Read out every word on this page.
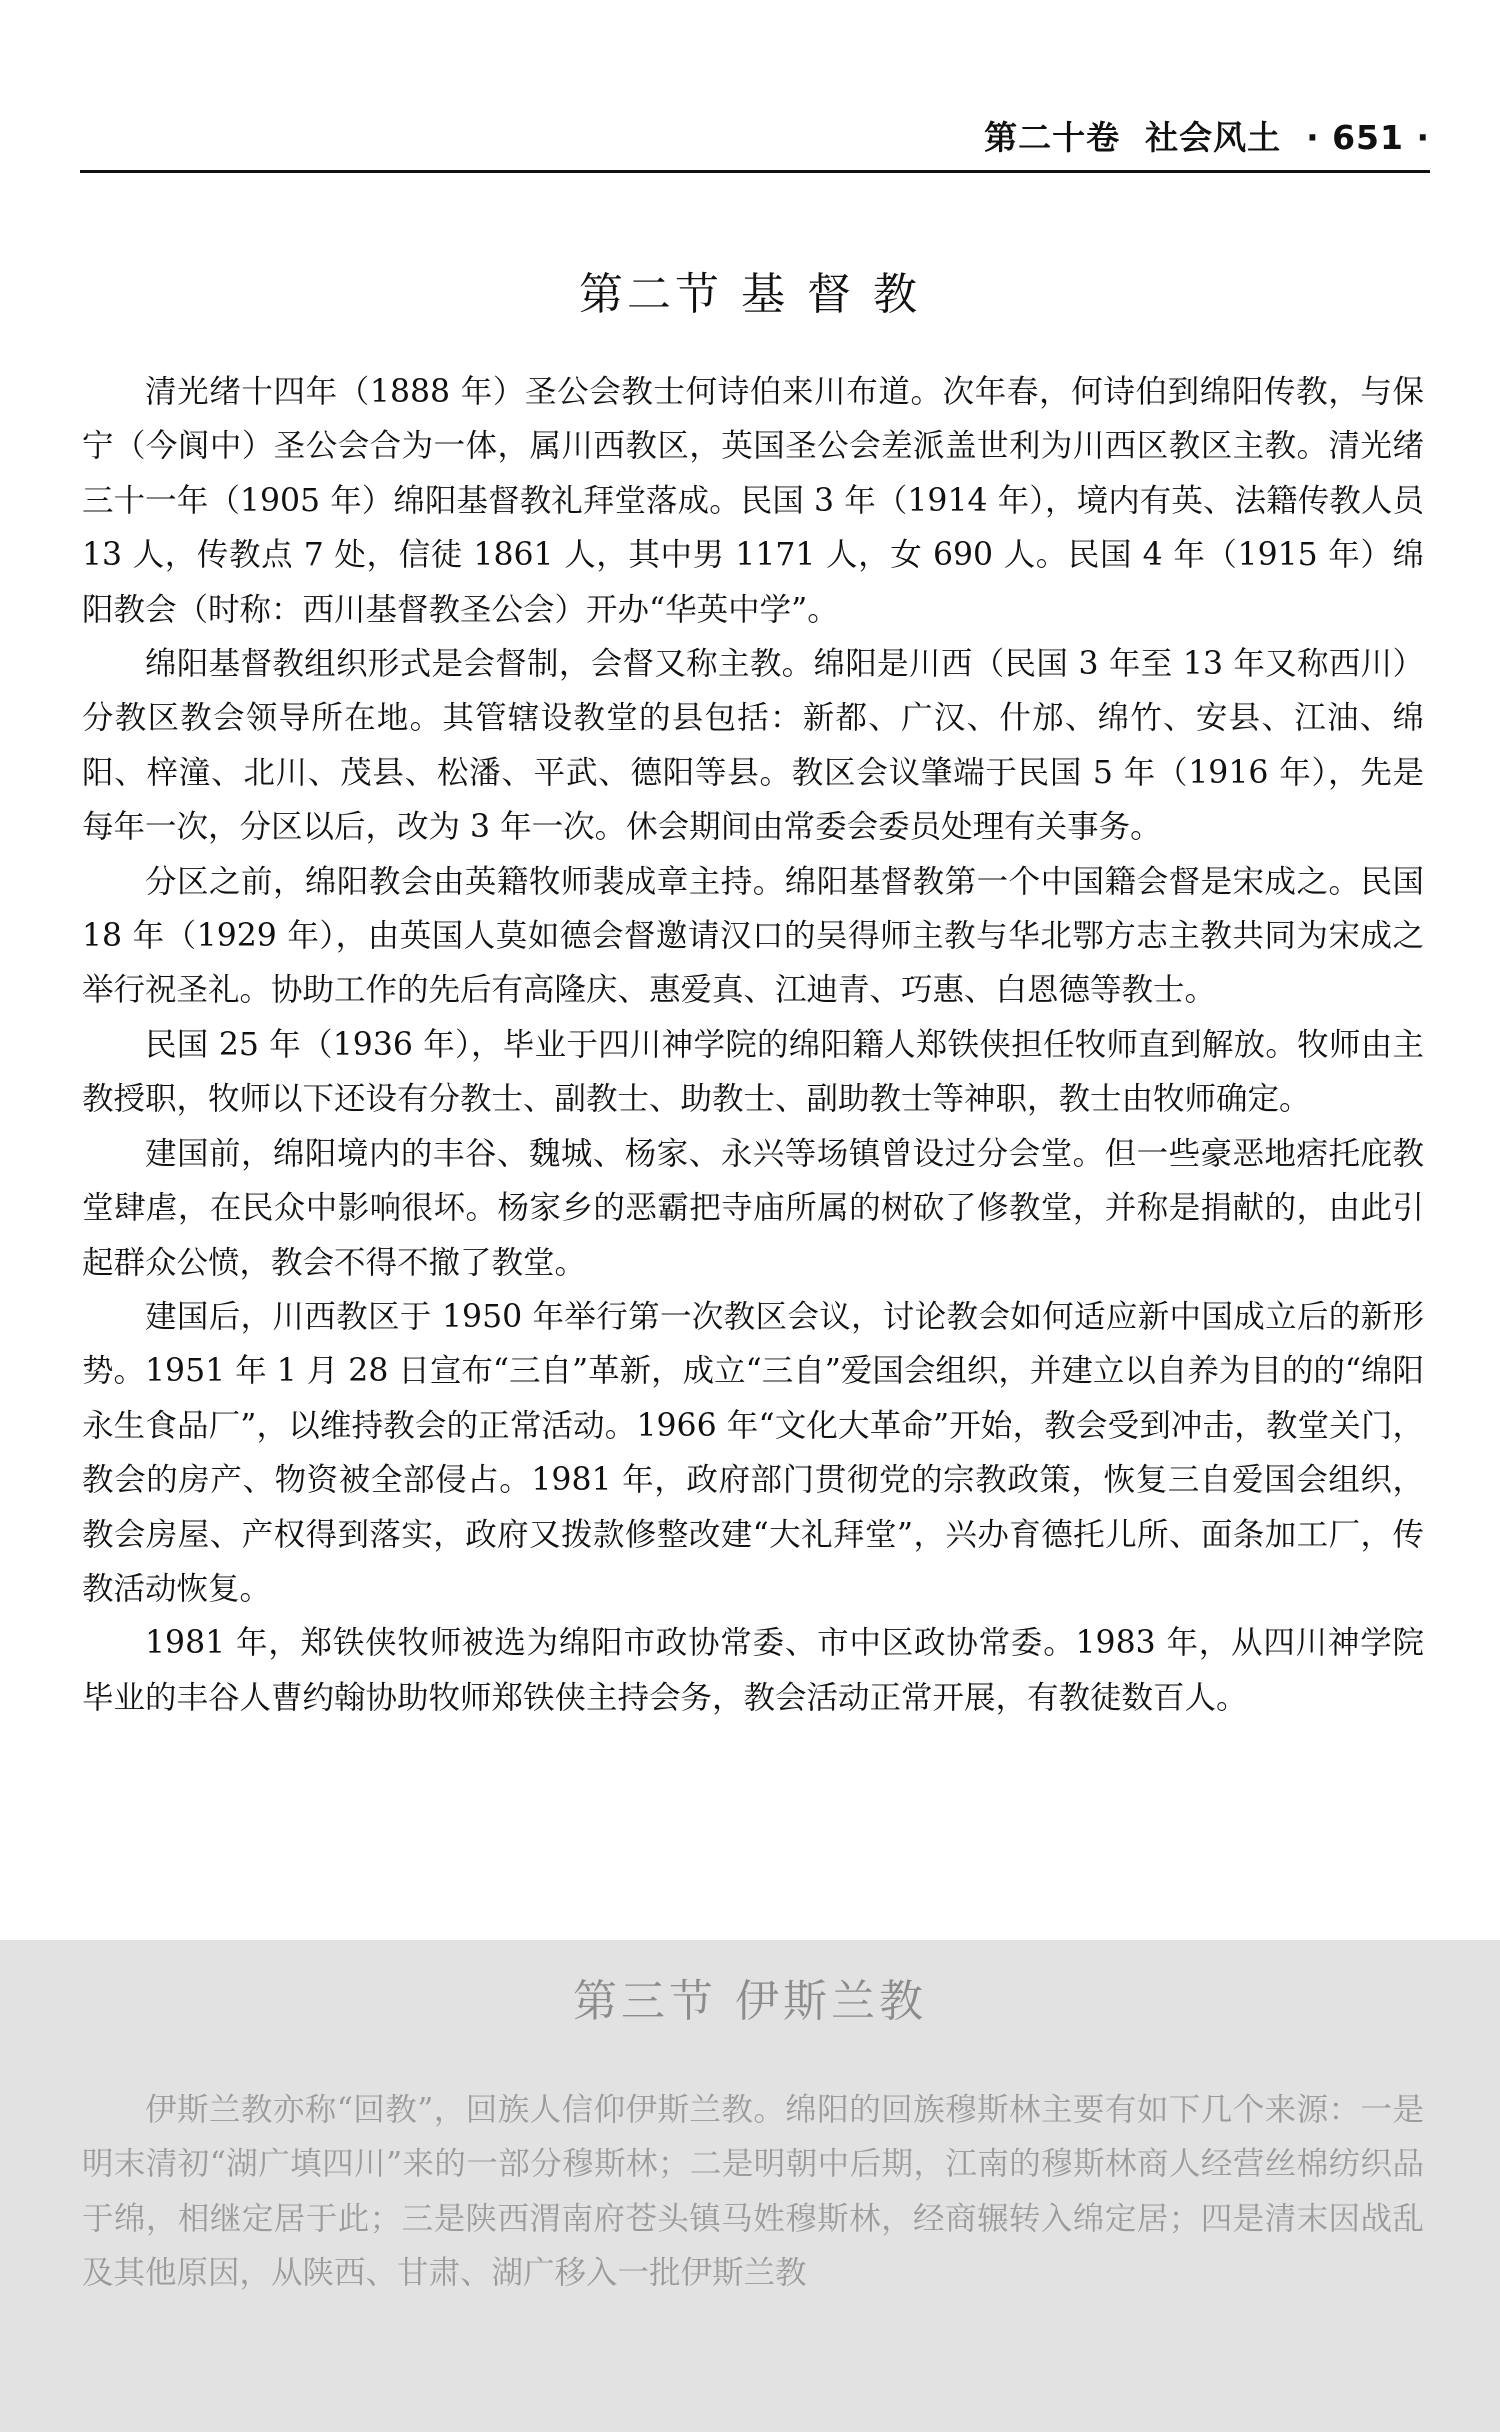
第二十卷  社会风土  · 651 ·
第二节 基 督 教

清光绪十四年（1888 年）圣公会教士何诗伯来川布道。次年春，何诗伯到绵阳传教，与保宁（今阆中）圣公会合为一体，属川西教区，英国圣公会差派盖世利为川西区教区主教。清光绪三十一年（1905 年）绵阳基督教礼拜堂落成。民国 3 年（1914 年），境内有英、法籍传教人员 13 人，传教点 7 处，信徒 1861 人，其中男 1171 人，女 690 人。民国 4 年（1915 年）绵阳教会（时称：西川基督教圣公会）开办“华英中学”。

绵阳基督教组织形式是会督制，会督又称主教。绵阳是川西（民国 3 年至 13 年又称西川）分教区教会领导所在地。其管辖设教堂的县包括：新都、广汉、什邡、绵竹、安县、江油、绵阳、梓潼、北川、茂县、松潘、平武、德阳等县。教区会议肇端于民国 5 年（1916 年），先是每年一次，分区以后，改为 3 年一次。休会期间由常委会委员处理有关事务。

分区之前，绵阳教会由英籍牧师裴成章主持。绵阳基督教第一个中国籍会督是宋成之。民国 18 年（1929 年），由英国人莫如德会督邀请汉口的吴得师主教与华北鄂方志主教共同为宋成之举行祝圣礼。协助工作的先后有高隆庆、惠爱真、江迪青、巧惠、白恩德等教士。

民国 25 年（1936 年），毕业于四川神学院的绵阳籍人郑铁侠担任牧师直到解放。牧师由主教授职，牧师以下还设有分教士、副教士、助教士、副助教士等神职，教士由牧师确定。

建国前，绵阳境内的丰谷、魏城、杨家、永兴等场镇曾设过分会堂。但一些豪恶地痞托庇教堂肆虐，在民众中影响很坏。杨家乡的恶霸把寺庙所属的树砍了修教堂，并称是捐献的，由此引起群众公愤，教会不得不撤了教堂。

建国后，川西教区于 1950 年举行第一次教区会议，讨论教会如何适应新中国成立后的新形势。1951 年 1 月 28 日宣布“三自”革新，成立“三自”爱国会组织，并建立以自养为目的的“绵阳永生食品厂”，以维持教会的正常活动。1966 年“文化大革命”开始，教会受到冲击，教堂关门，教会的房产、物资被全部侵占。1981 年，政府部门贯彻党的宗教政策，恢复三自爱国会组织，教会房屋、产权得到落实，政府又拨款修整改建“大礼拜堂”，兴办育德托儿所、面条加工厂，传教活动恢复。

1981 年，郑铁侠牧师被选为绵阳市政协常委、市中区政协常委。1983 年，从四川神学院毕业的丰谷人曹约翰协助牧师郑铁侠主持会务，教会活动正常开展，有教徒数百人。

第三节 伊斯兰教

伊斯兰教亦称“回教”，回族人信仰伊斯兰教。绵阳的回族穆斯林主要有如下几个来源：一是明末清初“湖广填四川”来的一部分穆斯林；二是明朝中后期，江南的穆斯林商人经营丝棉纺织品于绵，相继定居于此；三是陕西渭南府苍头镇马姓穆斯林，经商辗转入绵定居；四是清末因战乱及其他原因，从陕西、甘肃、湖广移入一批伊斯兰教
